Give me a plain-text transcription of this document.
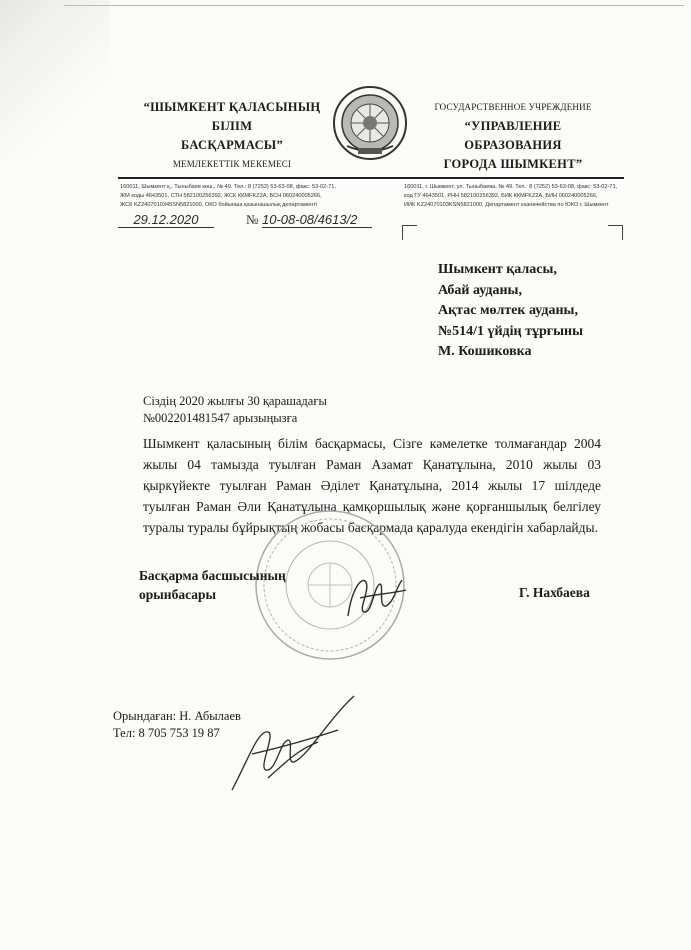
“ШЫМКЕНТ ҚАЛАСЫНЫҢ
БІЛІМ
БАСҚАРМАСЫ”
МЕМЛЕКЕТТІК МЕКЕМЕСІ
ГОСУДАРСТВЕННОЕ УЧРЕЖДЕНИЕ
“УПРАВЛЕНИЕ
ОБРАЗОВАНИЯ
ГОРОДА ШЫМКЕНТ”
160011, Шымкент қ., Тыныбаев көш., № 49. Тел.: 8 (7252) 53-63-08, факс: 53-02-71,
ЖМ коды 4643501, СТН 582100256392, ЖСК ККМFKZ2A, БСН 060240005266,
ЖСК KZ2407010345SN5821000, ОКО бойынша қазынашылық департаменті
160011, г. Шымкент, ул. Тыныбаева, № 49. Тел.: 8 (7252) 53-63-08, факс: 53-02-71,
код ГУ 4643501, РНН 582100256392, БИК ККМFKZ2A, БИН 060240005266,
ИИК KZ24070103KSN5821000, Департамент казначейства по ЮКО г. Шымкент
29.12.2020	№ 10-08-08/4613/2
Шымкент қаласы,
Абай ауданы,
Ақтас мөлтек ауданы,
№514/1 үйдің тұрғыны
М. Кошиковка
Сіздің 2020 жылғы 30 қарашадағы
№002201481547 арызыңызға
Шымкент қаласының білім басқармасы, Сізге кәмелетке толмағандар 2004 жылы 04 тамызда туылған Раман Азамат Қанатұлына, 2010 жылы 03 қыркүйекте туылған Раман Әділет Қанатұлына, 2014 жылы 17 шілдеде туылған Раман Әли Қанатұлына қамқоршылық және қорғаншылық белгілеу туралы туралы бұйрықтың жобасы басқармада қаралуда екендігін хабарлайды.
Басқарма басшысының
орынбасары	Г. Нахбаева
Орындаған: Н. Абылаев
Тел: 8 705 753 19 87
